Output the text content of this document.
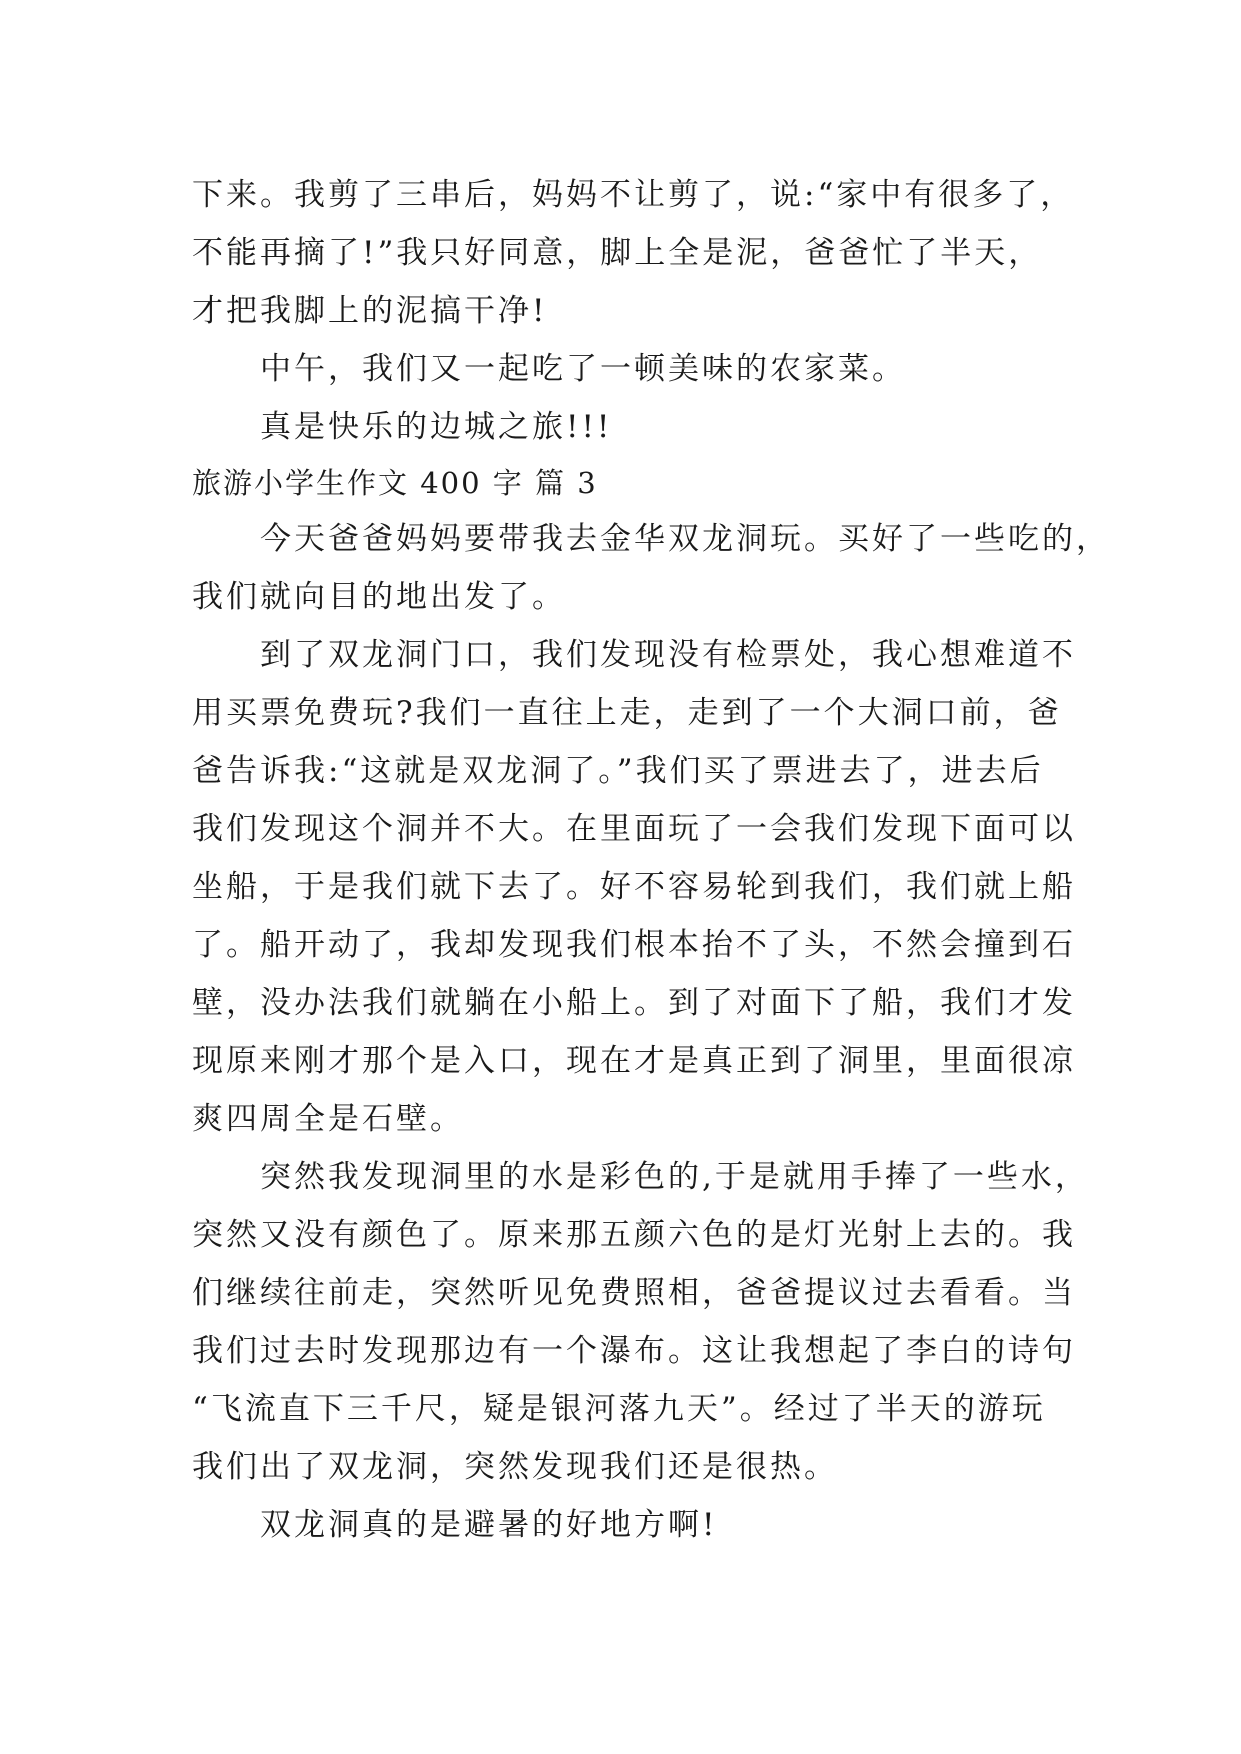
下来。我剪了三串后，妈妈不让剪了，说:“家中有很多了，
不能再摘了!”我只好同意，脚上全是泥，爸爸忙了半天，
才把我脚上的泥搞干净!
中午，我们又一起吃了一顿美味的农家菜。
真是快乐的边城之旅!!!
旅游小学生作文 400 字 篇 3
今天爸爸妈妈要带我去金华双龙洞玩。买好了一些吃的，
我们就向目的地出发了。
到了双龙洞门口，我们发现没有检票处，我心想难道不
用买票免费玩?我们一直往上走，走到了一个大洞口前，爸
爸告诉我:“这就是双龙洞了。”我们买了票进去了，进去后
我们发现这个洞并不大。在里面玩了一会我们发现下面可以
坐船，于是我们就下去了。好不容易轮到我们，我们就上船
了。船开动了，我却发现我们根本抬不了头，不然会撞到石
壁，没办法我们就躺在小船上。到了对面下了船，我们才发
现原来刚才那个是入口，现在才是真正到了洞里，里面很凉
爽四周全是石壁。
突然我发现洞里的水是彩色的,于是就用手捧了一些水，
突然又没有颜色了。原来那五颜六色的是灯光射上去的。我
们继续往前走，突然听见免费照相，爸爸提议过去看看。当
我们过去时发现那边有一个瀑布。这让我想起了李白的诗句
“飞流直下三千尺，疑是银河落九天”。经过了半天的游玩
我们出了双龙洞，突然发现我们还是很热。
双龙洞真的是避暑的好地方啊!
